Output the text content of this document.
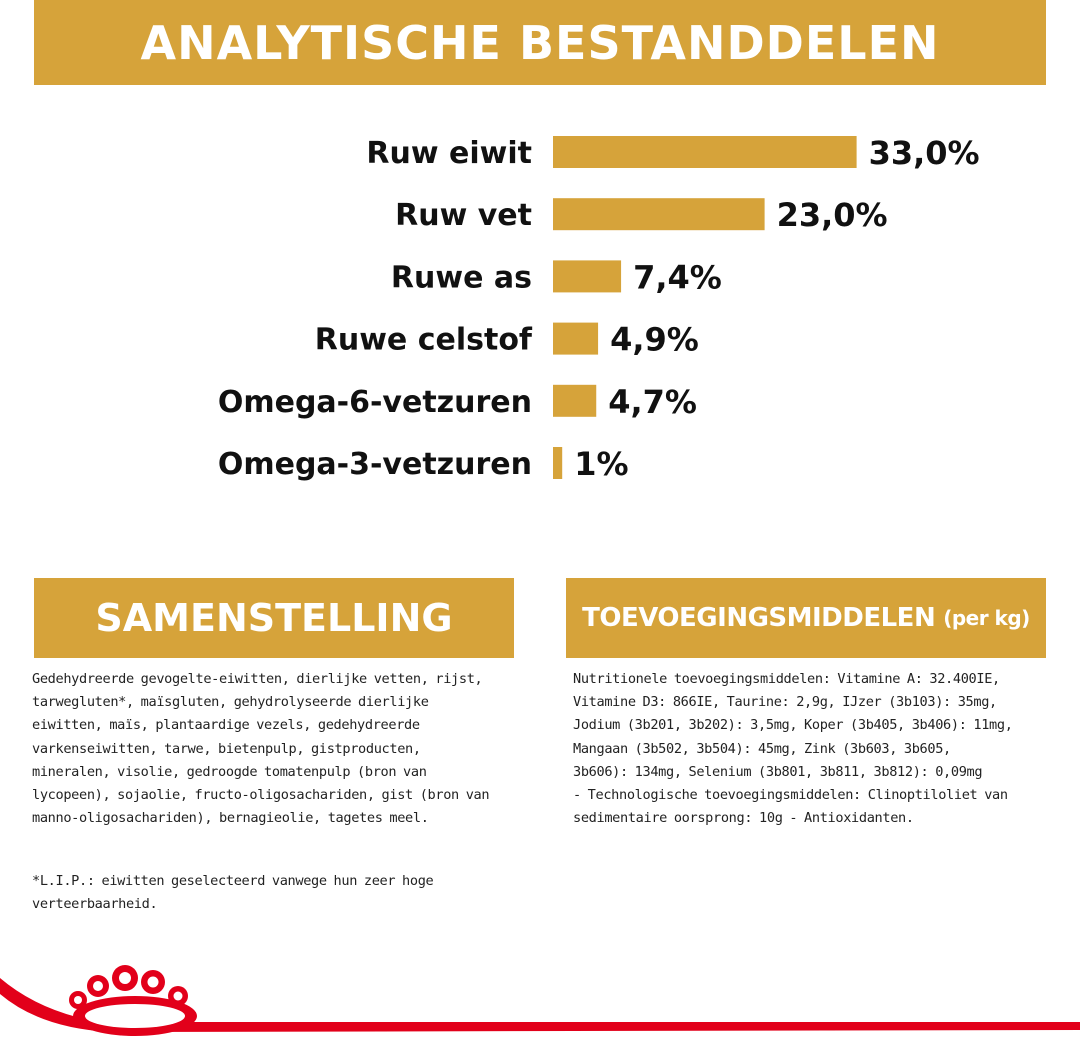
ANALYTISCHE BESTANDDELEN
Ruw eiwit	33,0%
Ruw vet	23,0%
Ruwe as	7,4%
Ruwe celstof 4,9%
Omega-6-vetzuren 4,7%
Omega-3-vetzuren 1%
SAMENSTELLING	TOEVOEGINGSMIDDELEN (per kg)
Gedehydreerde gevogelte-eiwitten, dierlijke vetten, rijst,
tarwegluten*, maïsgluten, gehydrolyseerde dierlijke
eiwitten, maïs, plantaardige vezels, gedehydreerde
varkenseiwitten, tarwe, bietenpulp, gistproducten,
mineralen, visolie, gedroogde tomatenpulp (bron van
lycopeen), sojaolie, fructo-oligosachariden, gist (bron van
manno-oligosachariden), bernagieolie, tagetes meel.
*L.I.P.: eiwitten geselecteerd vanwege hun zeer hoge
verteerbaarheid.
Nutritionele toevoegingsmiddelen: Vitamine A: 32.400IE,
Vitamine D3: 866IE, Taurine: 2,9g, IJzer (3b103): 35mg,
Jodium (3b201, 3b202): 3,5mg, Koper (3b405, 3b406): 11mg,
Mangaan (3b502, 3b504): 45mg, Zink (3b603, 3b605,
3b606): 134mg, Selenium (3b801, 3b811, 3b812): 0,09mg
- Technologische toevoegingsmiddelen: Clinoptiloliet van
sedimentaire oorsprong: 10g - Antioxidanten.
